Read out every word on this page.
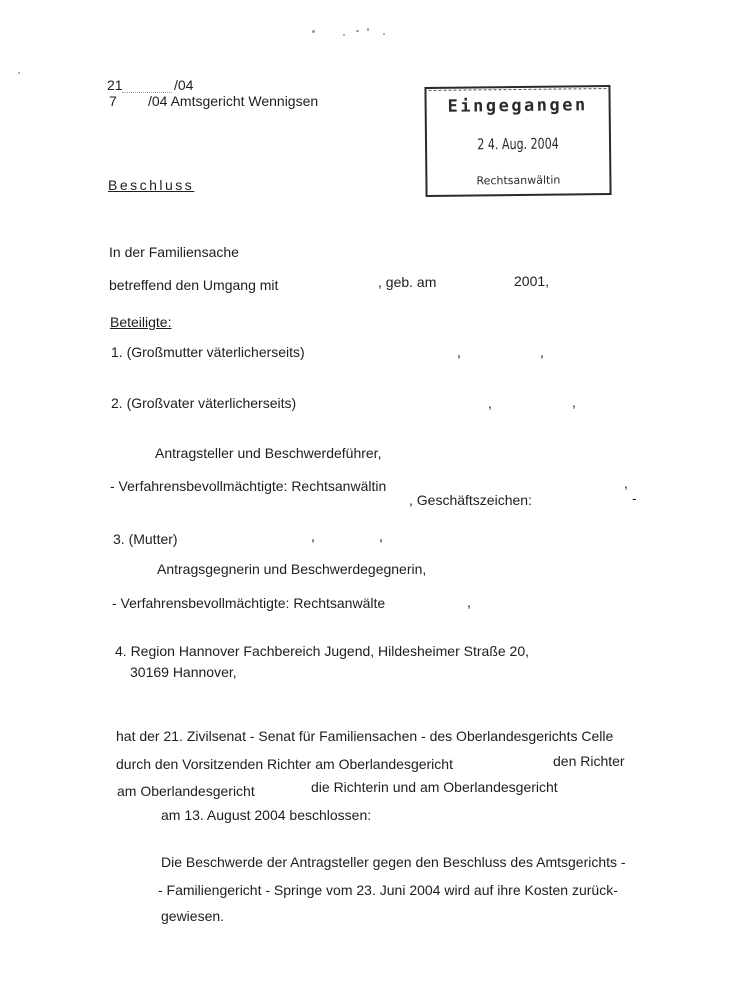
21	/04
7 /04 Amtsgericht Wennigsen	Eingegangen
2 4. Aug. 2004
Rechtsanwältin
Beschluss
In der Familiensache
betreffend den Umgang mit	, geb. am	2001,
Beteiligte:
1. (Großmutter väterlicherseits)	,	,
2. (Großvater väterlicherseits)	,	,
Antragsteller und Beschwerdeführer,
- Verfahrensbevollmächtigte: Rechtsanwältin	,
, Geschäftszeichen:	-
3. (Mutter)	,	,
Antragsgegnerin und Beschwerdegegnerin,
- Verfahrensbevollmächtigte: Rechtsanwälte	,
4. Region Hannover Fachbereich Jugend, Hildesheimer Straße 20,
30169 Hannover,
hat der 21. Zivilsenat - Senat für Familiensachen - des Oberlandesgerichts Celle
durch den Vorsitzenden Richter am Oberlandesgericht	den Richter
am Oberlandesgericht	die Richterin und am Oberlandesgericht
am 13. August 2004 beschlossen:
Die Beschwerde der Antragsteller gegen den Beschluss des Amtsgerichts -
- Familiengericht - Springe vom 23. Juni 2004 wird auf ihre Kosten zurück-
gewiesen.
